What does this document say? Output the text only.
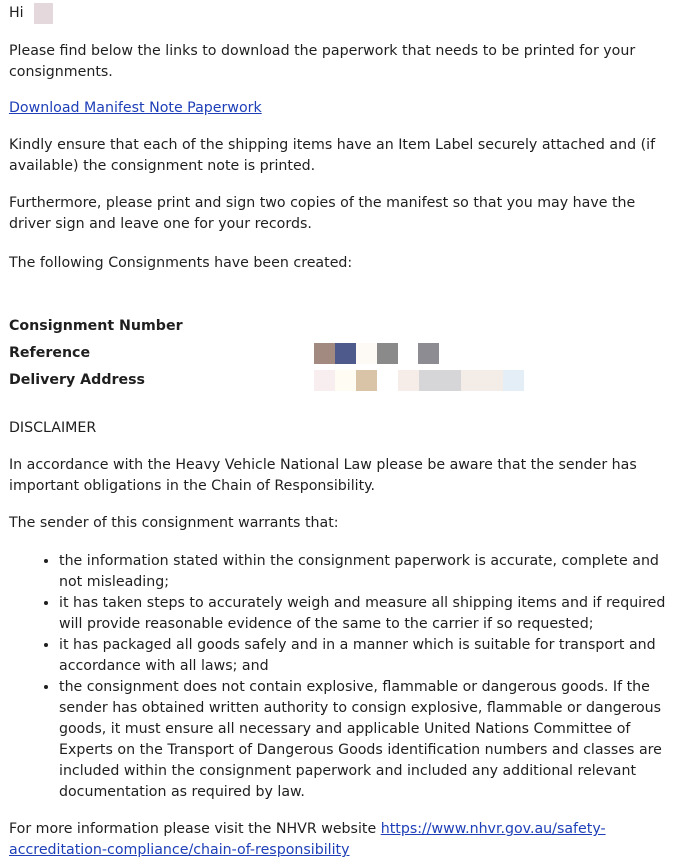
Hi

Please find below the links to download the paperwork that needs to be printed for your consignments.

Download Manifest Note Paperwork

Kindly ensure that each of the shipping items have an Item Label securely attached and (if available) the consignment note is printed.

Furthermore, please print and sign two copies of the manifest so that you may have the driver sign and leave one for your records.

The following Consignments have been created:

Consignment Number
Reference
Delivery Address

DISCLAIMER

In accordance with the Heavy Vehicle National Law please be aware that the sender has important obligations in the Chain of Responsibility.

The sender of this consignment warrants that:

• the information stated within the consignment paperwork is accurate, complete and not misleading;
• it has taken steps to accurately weigh and measure all shipping items and if required will provide reasonable evidence of the same to the carrier if so requested;
• it has packaged all goods safely and in a manner which is suitable for transport and accordance with all laws; and
• the consignment does not contain explosive, flammable or dangerous goods. If the sender has obtained written authority to consign explosive, flammable or dangerous goods, it must ensure all necessary and applicable United Nations Committee of Experts on the Transport of Dangerous Goods identification numbers and classes are included within the consignment paperwork and included any additional relevant documentation as required by law.

For more information please visit the NHVR website https://www.nhvr.gov.au/safety-accreditation-compliance/chain-of-responsibility
